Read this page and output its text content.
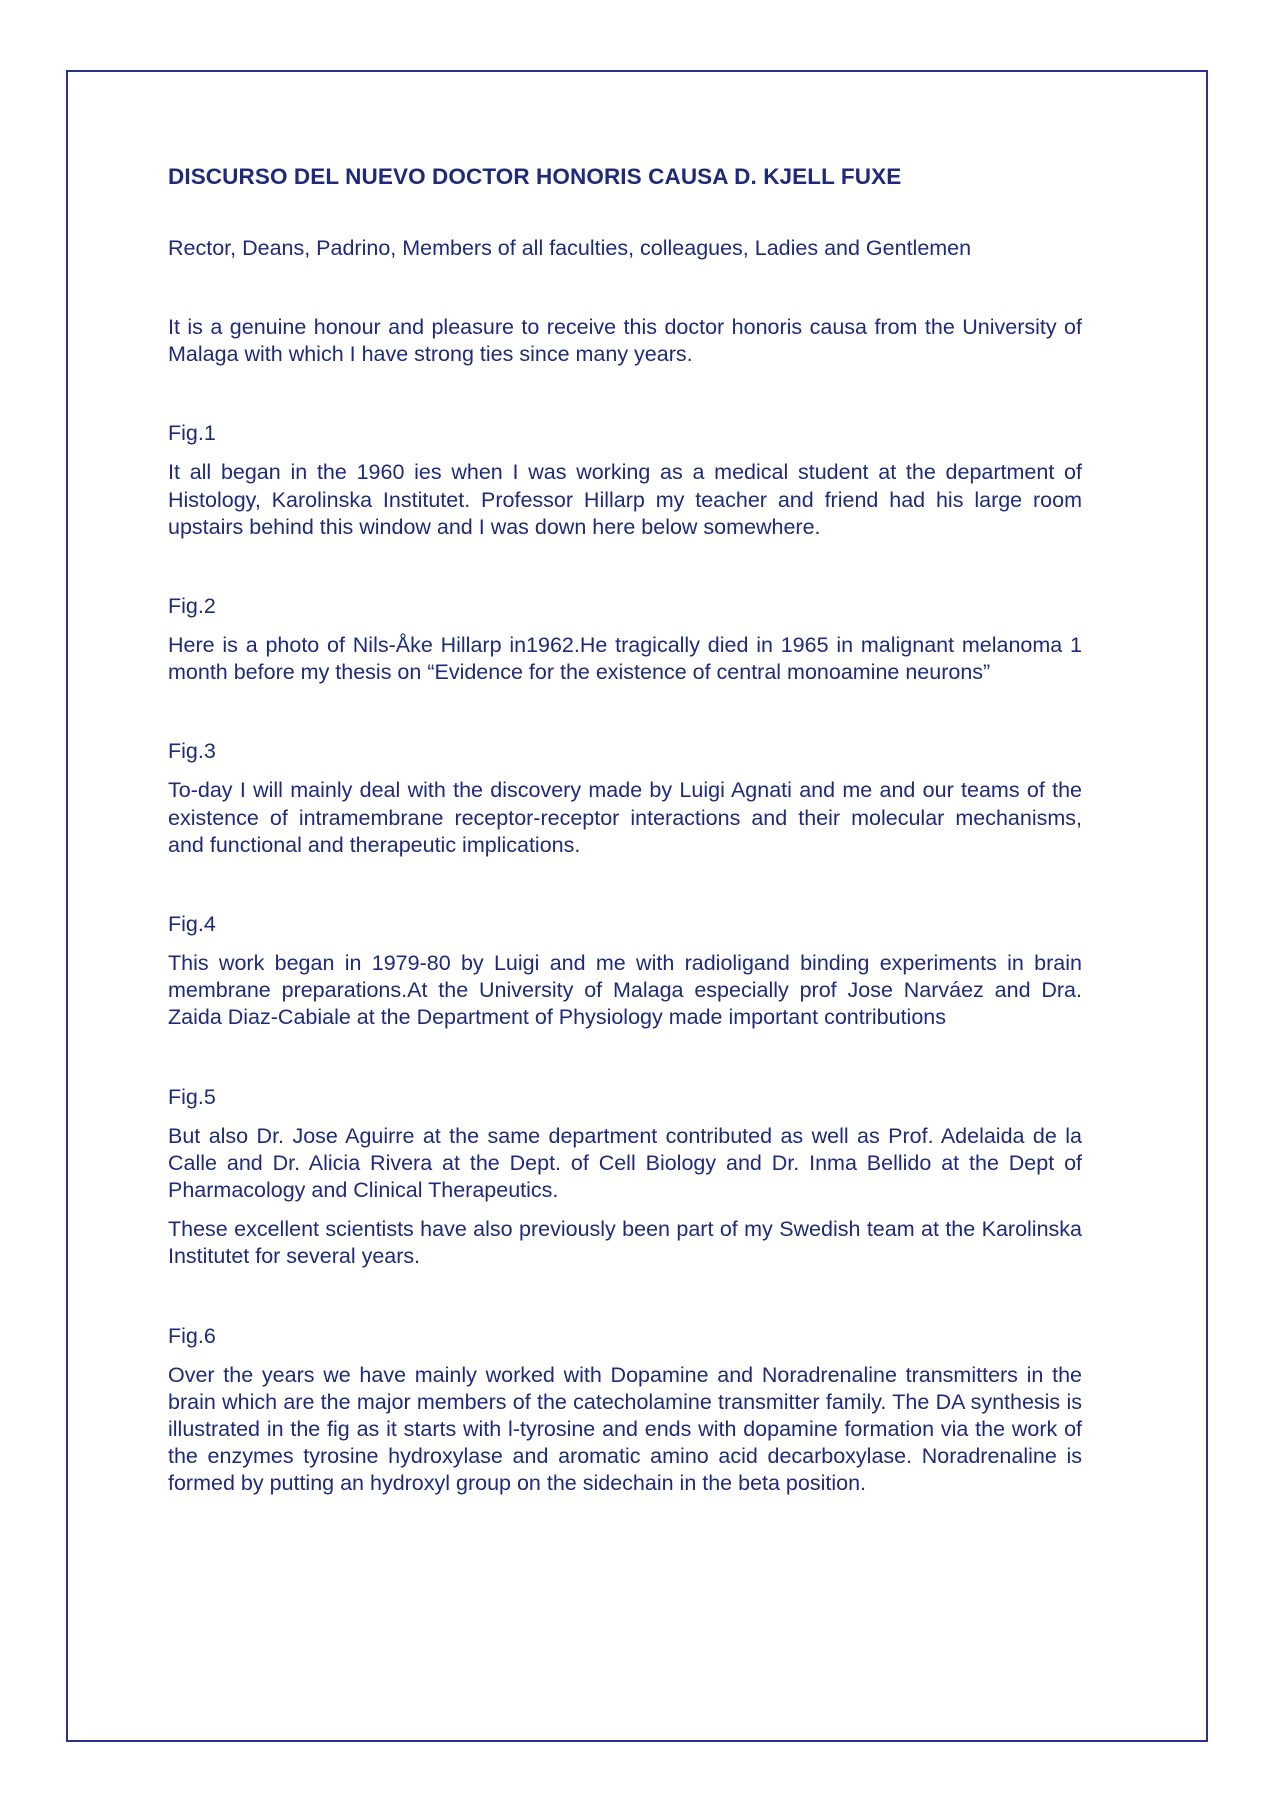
DISCURSO DEL NUEVO DOCTOR HONORIS CAUSA D. KJELL FUXE
Rector, Deans, Padrino, Members of all faculties, colleagues, Ladies and Gentlemen

It is a genuine honour and pleasure to receive this doctor honoris causa from the University of Malaga with which I have strong ties since many years.

Fig.1

It all began in the 1960 ies when I was working as a medical student at the department of Histology, Karolinska Institutet. Professor Hillarp my teacher and friend had his large room upstairs behind this window and I was down here below somewhere.

Fig.2

Here is a photo of Nils-Åke Hillarp in1962.He tragically died in 1965 in malignant melanoma 1 month before my thesis on “Evidence for the existence of central monoamine neurons”

Fig.3

To-day I will mainly deal with the discovery made by Luigi Agnati and me and our teams of the existence of intramembrane receptor-receptor interactions and their molecular mechanisms, and functional and therapeutic implications.

Fig.4

This work began in 1979-80 by Luigi and me with radioligand binding experiments in brain membrane preparations.At the University of Malaga especially prof Jose Narváez and Dra. Zaida Diaz-Cabiale at the Department of Physiology made important contributions

Fig.5

But also Dr. Jose Aguirre at the same department contributed as well as Prof. Adelaida de la Calle and Dr. Alicia Rivera at the Dept. of Cell Biology and Dr. Inma Bellido at the Dept of Pharmacology and Clinical Therapeutics.

These excellent scientists have also previously been part of my Swedish team at the Karolinska Institutet for several years.

Fig.6

Over the years we have mainly worked with Dopamine and Noradrenaline transmitters in the brain which are the major members of the catecholamine transmitter family. The DA synthesis is illustrated in the fig as it starts with l-tyrosine and ends with dopamine formation via the work of the enzymes tyrosine hydroxylase and aromatic amino acid decarboxylase. Noradrenaline is formed by putting an hydroxyl group on the sidechain in the beta position.
